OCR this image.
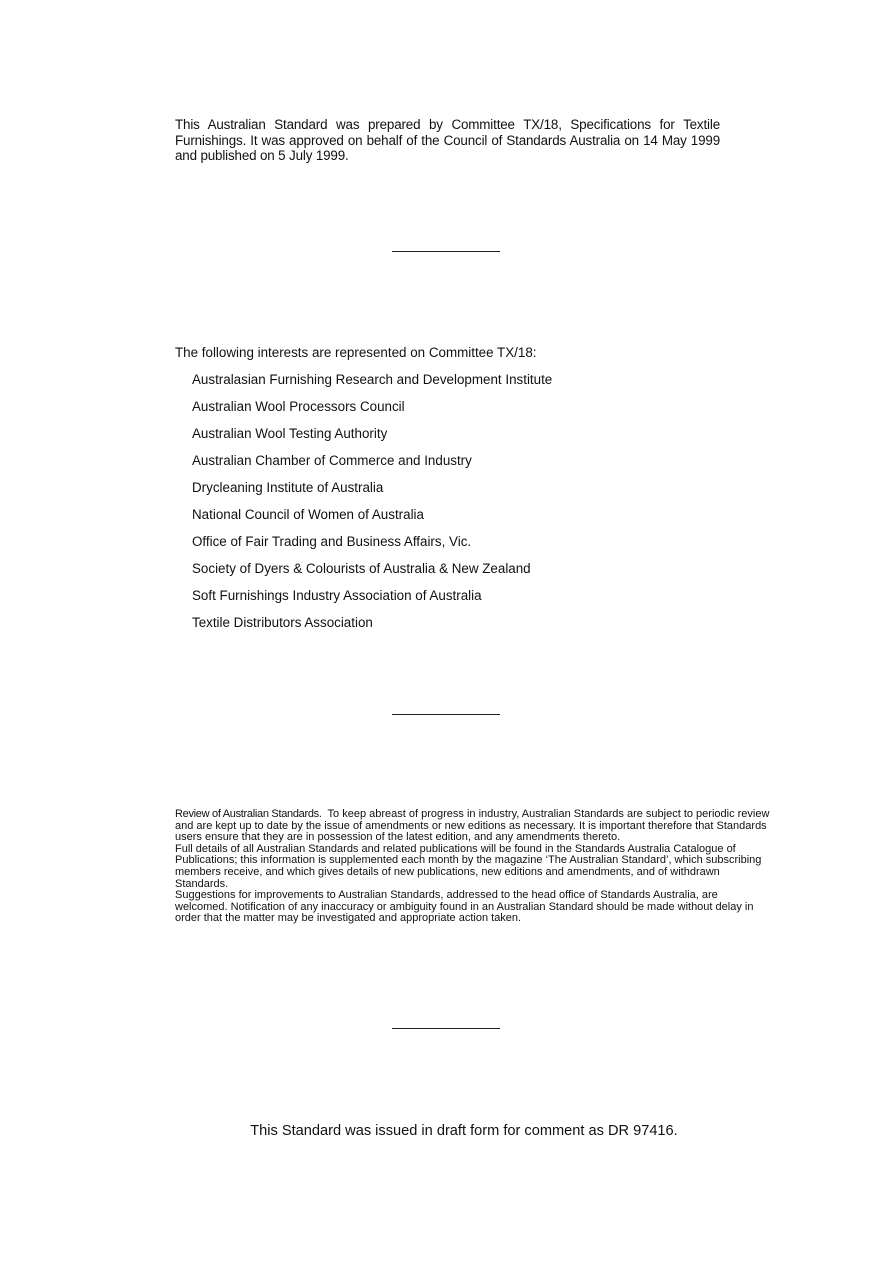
This Australian Standard was prepared by Committee TX/18, Specifications for Textile Furnishings. It was approved on behalf of the Council of Standards Australia on 14 May 1999 and published on 5 July 1999.

The following interests are represented on Committee TX/18:
Australasian Furnishing Research and Development Institute
Australian Wool Processors Council
Australian Wool Testing Authority
Australian Chamber of Commerce and Industry
Drycleaning Institute of Australia
National Council of Women of Australia
Office of Fair Trading and Business Affairs, Vic.
Society of Dyers & Colourists of Australia & New Zealand
Soft Furnishings Industry Association of Australia
Textile Distributors Association

Review of Australian Standards. To keep abreast of progress in industry, Australian Standards are subject to periodic review and are kept up to date by the issue of amendments or new editions as necessary. It is important therefore that Standards users ensure that they are in possession of the latest edition, and any amendments thereto.

Full details of all Australian Standards and related publications will be found in the Standards Australia Catalogue of Publications; this information is supplemented each month by the magazine ‘The Australian Standard’, which subscribing members receive, and which gives details of new publications, new editions and amendments, and of withdrawn Standards.

Suggestions for improvements to Australian Standards, addressed to the head office of Standards Australia, are welcomed. Notification of any inaccuracy or ambiguity found in an Australian Standard should be made without delay in order that the matter may be investigated and appropriate action taken.

This Standard was issued in draft form for comment as DR 97416.
